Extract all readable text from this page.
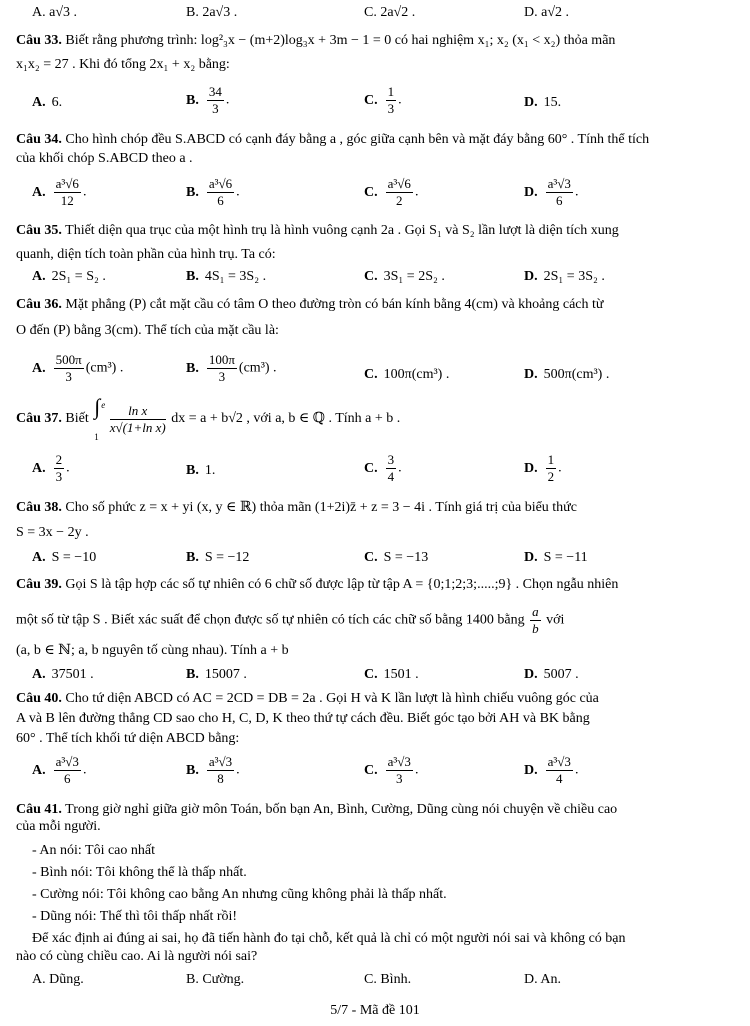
A. a√3 .	B. 2a√3 .	C. 2a√2 .	D. a√2 .
Câu 33. Biết rằng phương trình: log²₃x − (m+2)log₃x + 3m − 1 = 0 có hai nghiệm x₁; x₂ (x₁ < x₂) thỏa mãn
x₁x₂ = 27 . Khi đó tổng 2x₁ + x₂ bằng:
A. 6.	B. $\frac{34}{3}$ .	C. $\frac{1}{3}$ .	D. 15.
Câu 34. Cho hình chóp đều S.ABCD có cạnh đáy bằng a , góc giữa cạnh bên và mặt đáy bằng 60° . Tính thể tích
của khối chóp S.ABCD theo a .
A. $\frac{\text{a³√6}}{12}$ .	B. $\frac{\text{a³√6}}{6}$ .	C. $\frac{\text{a³√6}}{2}$ .	D. $\frac{\text{a³√3}}{6}$ .
Câu 35. Thiết diện qua trục của một hình trụ là hình vuông cạnh 2a . Gọi S₁ và S₂ lần lượt là diện tích xung
quanh, diện tích toàn phần của hình trụ. Ta có:
A. 2S₁ = S₂ .	B. 4S₁ = 3S₂ .	C. 3S₁ = 2S₂ .	D. 2S₁ = 3S₂ .
Câu 36. Mặt phẳng (P) cắt mặt cầu có tâm O theo đường tròn có bán kính bằng 4(cm) và khoảng cách từ
O đến (P) bằng 3(cm). Thể tích của mặt cầu là:
A. $\frac{500\pi}{3} (cm^3)$ .	B. $\frac{100\pi}{3} (cm^3)$ .	C. 100π(cm³) .	D. 500π(cm³) .
Câu 37. Biết ∫ e
1

$\frac{\text{ln x}}{\text{x√(1+ln x)}}$ dx = a + b√2 , với a, b ∈ ℚ . Tính a + b .
A. $\frac{2}{3}$ .	B. 1.	C. $\frac{3}{4}$ .	D. $\frac{1}{2}$ .
Câu 38. Cho số phức z = x + yi (x, y ∈ ℝ) thỏa mãn (1+2i)z̄ + z = 3 − 4i . Tính giá trị của biểu thức
S = 3x − 2y .
A. S = −10	B. S = −12	C. S = −13	D. S = −11
Câu 39. Gọi S là tập hợp các số tự nhiên có 6 chữ số được lập từ tập A = {0;1;2;3;.....;9} . Chọn ngẫu nhiên
một số từ tập S . Biết xác suất để chọn được số tự nhiên có tích các chữ số bằng 1400 bằng $\frac{a}{b}$ với
(a, b ∈ ℕ; a, b nguyên tố cùng nhau). Tính a + b
A. 37501 .	B. 15007 .	C. 1501 .	D. 5007 .
Câu 40. Cho tứ diện ABCD có AC = 2CD = DB = 2a . Gọi H và K lần lượt là hình chiếu vuông góc của
A và B lên đường thẳng CD sao cho H, C, D, K theo thứ tự cách đều. Biết góc tạo bởi AH và BK bằng
60° . Thể tích khối tứ diện ABCD bằng:
A. $\frac{\text{a³√3}}{6}$ .	B. $\frac{\text{a³√3}}{8}$ .	C. $\frac{\text{a³√3}}{3}$ .	D. $\frac{\text{a³√3}}{4}$ .
Câu 41. Trong giờ nghỉ giữa giờ môn Toán, bốn bạn An, Bình, Cường, Dũng cùng nói chuyện về chiều cao
của mỗi người.
- An nói: Tôi cao nhất
- Bình nói: Tôi không thể là thấp nhất.
- Cường nói: Tôi không cao bằng An nhưng cũng không phải là thấp nhất.
- Dũng nói: Thế thì tôi thấp nhất rồi!
Để xác định ai đúng ai sai, họ đã tiến hành đo tại chỗ, kết quả là chỉ có một người nói sai và không có bạn
nào có cùng chiều cao. Ai là người nói sai?
A. Dũng.	B. Cường.	C. Bình.	D. An.
5/7 - Mã đề 101
